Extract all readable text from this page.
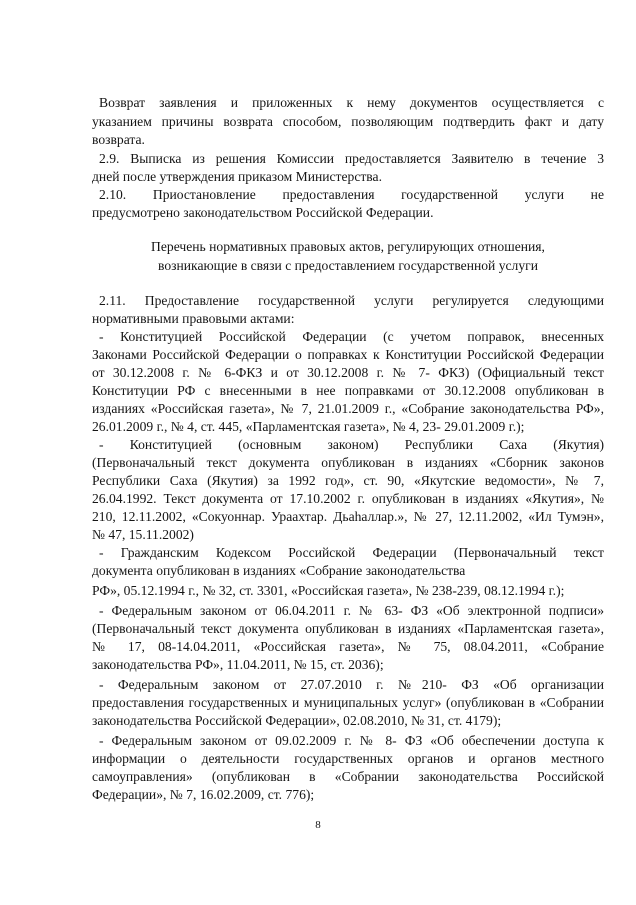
Возврат заявления и приложенных к нему документов осуществляется с
указанием причины возврата способом, позволяющим подтвердить факт и дату
возврата.
2.9. Выписка из решения Комиссии предоставляется Заявителю в течение 3
дней после утверждения приказом Министерства.
2.10. Приостановление предоставления государственной услуги не
предусмотрено законодательством Российской Федерации.
Перечень нормативных правовых актов, регулирующих отношения,
возникающие в связи с предоставлением государственной услуги
2.11. Предоставление государственной услуги регулируется следующими
нормативными правовыми актами:
- Конституцией Российской Федерации (с учетом поправок, внесенных
Законами Российской Федерации о поправках к Конституции Российской Федерации
от 30.12.2008 г. № 6-ФКЗ и от 30.12.2008 г. № 7- ФКЗ) (Официальный текст
Конституции РФ с внесенными в нее поправками от 30.12.2008 опубликован в
изданиях «Российская газета», № 7, 21.01.2009 г., «Собрание законодательства РФ»,
26.01.2009 г., № 4, ст. 445, «Парламентская газета», № 4, 23- 29.01.2009 г.);
- Конституцией (основным законом) Республики Саха (Якутия)
(Первоначальный текст документа опубликован в изданиях «Сборник законов
Республики Саха (Якутия) за 1992 год», ст. 90, «Якутские ведомости», № 7,
26.04.1992. Текст документа от 17.10.2002 г. опубликован в изданиях «Якутия», №
210, 12.11.2002, «Сокуоннар. Ураахтар. Дьаһаллар.», № 27, 12.11.2002, «Ил Тумэн»,
№ 47, 15.11.2002)
- Гражданским Кодексом Российской Федерации (Первоначальный текст
документа опубликован в изданиях «Собрание законодательства
РФ», 05.12.1994 г., № 32, ст. 3301, «Российская газета», № 238-239, 08.12.1994 г.);
- Федеральным законом от 06.04.2011 г. № 63- ФЗ «Об электронной подписи»
(Первоначальный текст документа опубликован в изданиях «Парламентская газета»,
№ 17, 08-14.04.2011, «Российская газета», № 75, 08.04.2011, «Собрание
законодательства РФ», 11.04.2011, № 15, ст. 2036);
- Федеральным законом от 27.07.2010 г. №210- ФЗ «Об организации
предоставления государственных и муниципальных услуг» (опубликован в «Собрании
законодательства Российской Федерации», 02.08.2010, № 31, ст. 4179);
- Федеральным законом от 09.02.2009 г. № 8- ФЗ «Об обеспечении доступа к
информации о деятельности государственных органов и органов местного
самоуправления» (опубликован в «Собрании законодательства Российской
Федерации», № 7, 16.02.2009, ст. 776);
8
